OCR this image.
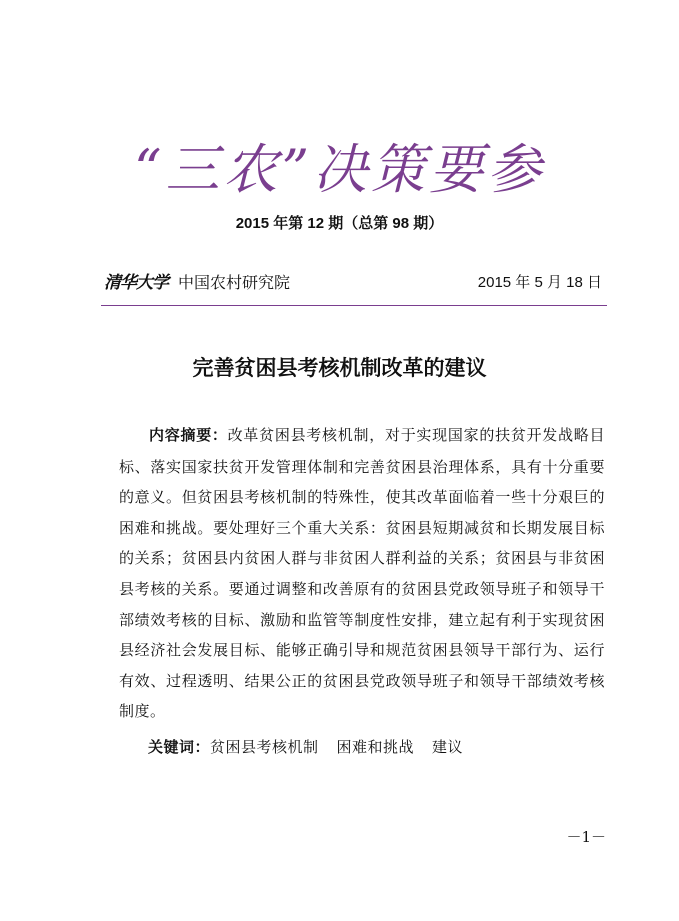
“三农”决策要参
2015 年第 12 期（总第 98 期）
清华大学 中国农村研究院	2015 年 5 月 18 日
完善贫困县考核机制改革的建议

内容摘要：改革贫困县考核机制，对于实现国家的扶贫开发战略目标、落实国家扶贫开发管理体制和完善贫困县治理体系，具有十分重要的意义。但贫困县考核机制的特殊性，使其改革面临着一些十分艰巨的困难和挑战。要处理好三个重大关系：贫困县短期减贫和长期发展目标的关系；贫困县内贫困人群与非贫困人群利益的关系；贫困县与非贫困县考核的关系。要通过调整和改善原有的贫困县党政领导班子和领导干部绩效考核的目标、激励和监管等制度性安排，建立起有利于实现贫困县经济社会发展目标、能够正确引导和规范贫困县领导干部行为、运行有效、过程透明、结果公正的贫困县党政领导班子和领导干部绩效考核制度。

关键词：贫困县考核机制 困难和挑战 建议
－1－
